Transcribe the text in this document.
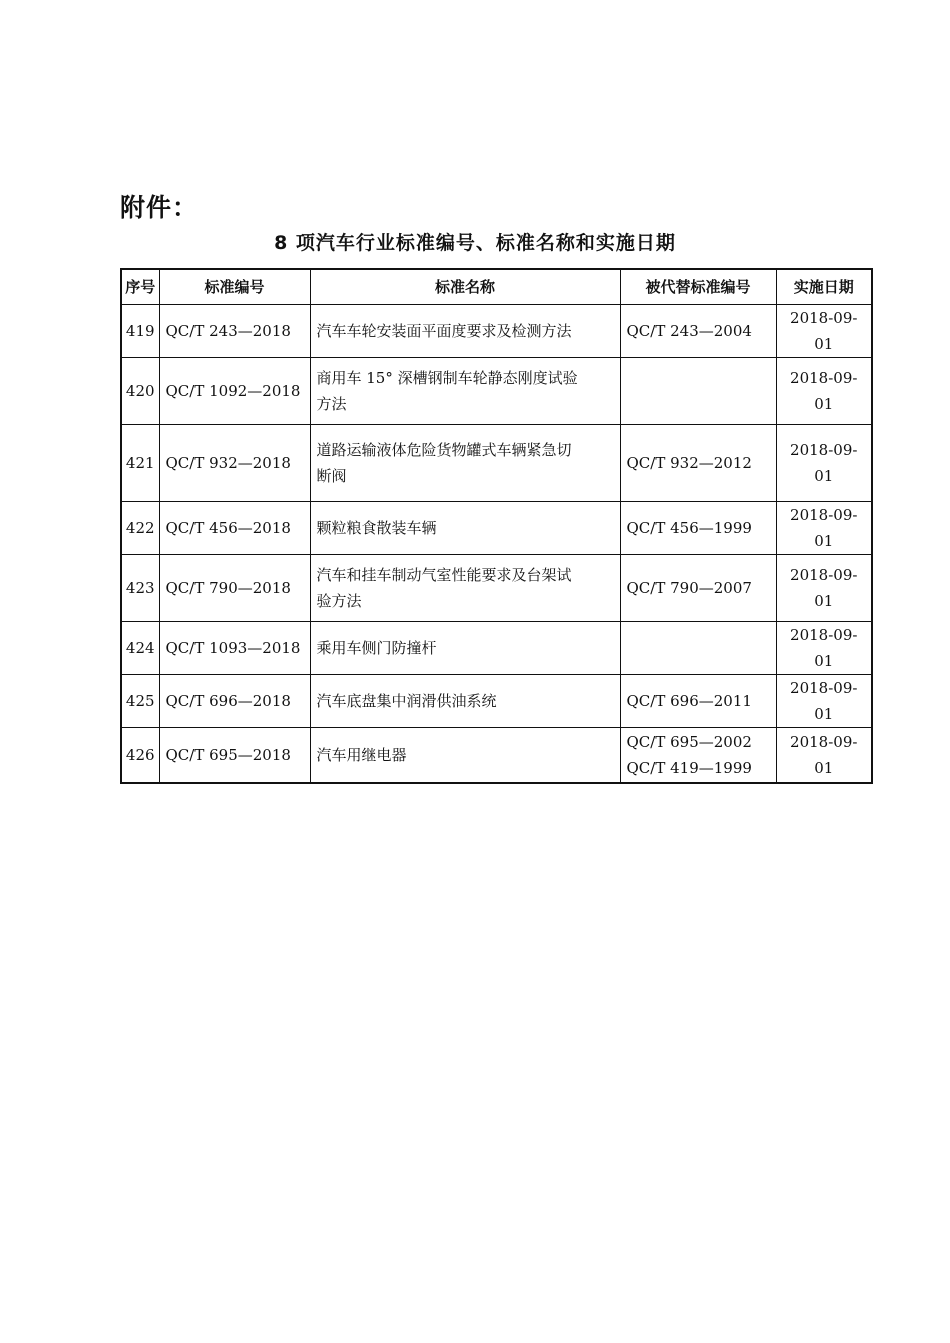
附件：
8 项汽车行业标准编号、标准名称和实施日期
序号	标准编号	标准名称	被代替标准编号	实施日期
419	QC/T 243—2018	汽车车轮安装面平面度要求及检测方法	QC/T 243—2004	2018-09-01
420	QC/T 1092—2018	商用车 15° 深槽钢制车轮静态刚度试验
方法		2018-09-01
421	QC/T 932—2018	道路运输液体危险货物罐式车辆紧急切
断阀	QC/T 932—2012	2018-09-01
422	QC/T 456—2018	颗粒粮食散装车辆	QC/T 456—1999	2018-09-01
423	QC/T 790—2018	汽车和挂车制动气室性能要求及台架试
验方法	QC/T 790—2007	2018-09-01
424	QC/T 1093—2018	乘用车侧门防撞杆		2018-09-01
425	QC/T 696—2018	汽车底盘集中润滑供油系统	QC/T 696—2011	2018-09-01
426	QC/T 695—2018	汽车用继电器	QC/T 695—2002
QC/T 419—1999	2018-09-01
